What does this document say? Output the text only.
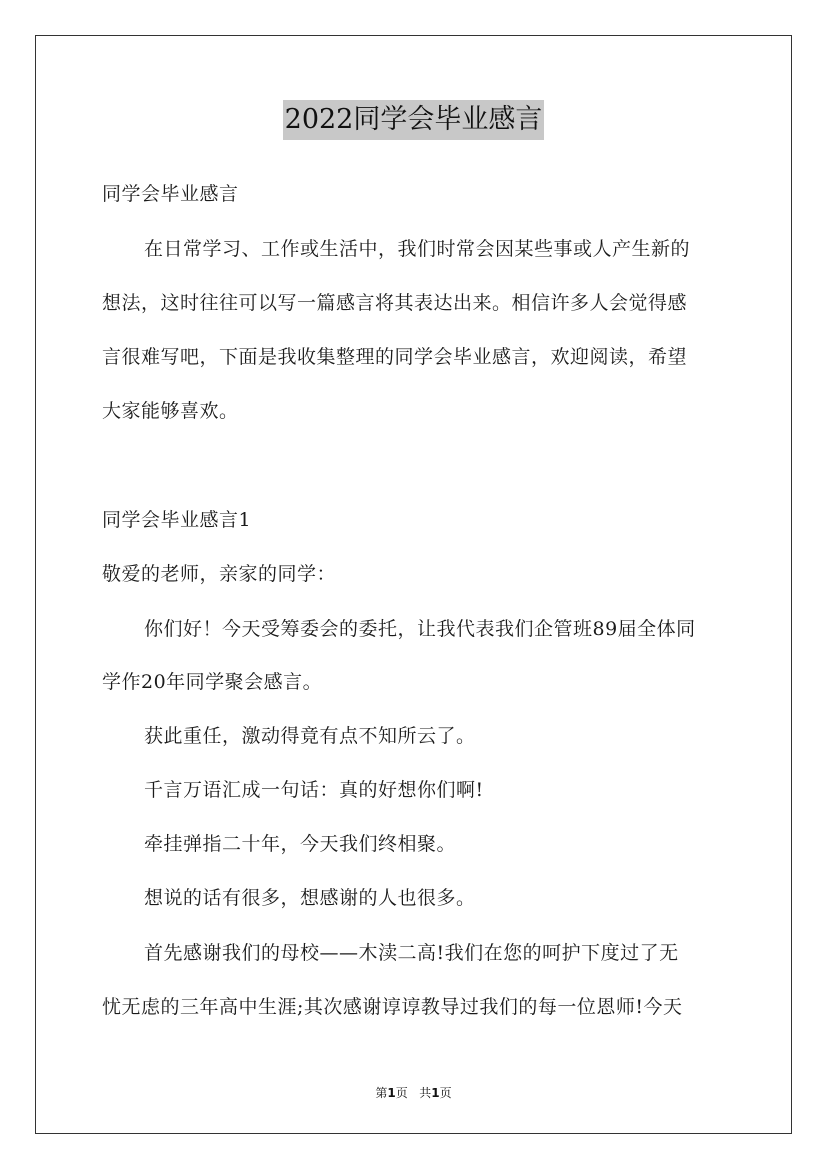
2022同学会毕业感言
同学会毕业感言
在日常学习、工作或生活中，我们时常会因某些事或人产生新的
想法，这时往往可以写一篇感言将其表达出来。相信许多人会觉得感
言很难写吧，下面是我收集整理的同学会毕业感言，欢迎阅读，希望
大家能够喜欢。
同学会毕业感言1
敬爱的老师，亲家的同学：
你们好！今天受筹委会的委托，让我代表我们企管班89届全体同
学作20年同学聚会感言。
获此重任，激动得竟有点不知所云了。
千言万语汇成一句话：真的好想你们啊!
牵挂弹指二十年，今天我们终相聚。
想说的话有很多，想感谢的人也很多。
首先感谢我们的母校——木渎二高!我们在您的呵护下度过了无
忧无虑的三年高中生涯;其次感谢谆谆教导过我们的每一位恩师!今天
第1页 共1页
